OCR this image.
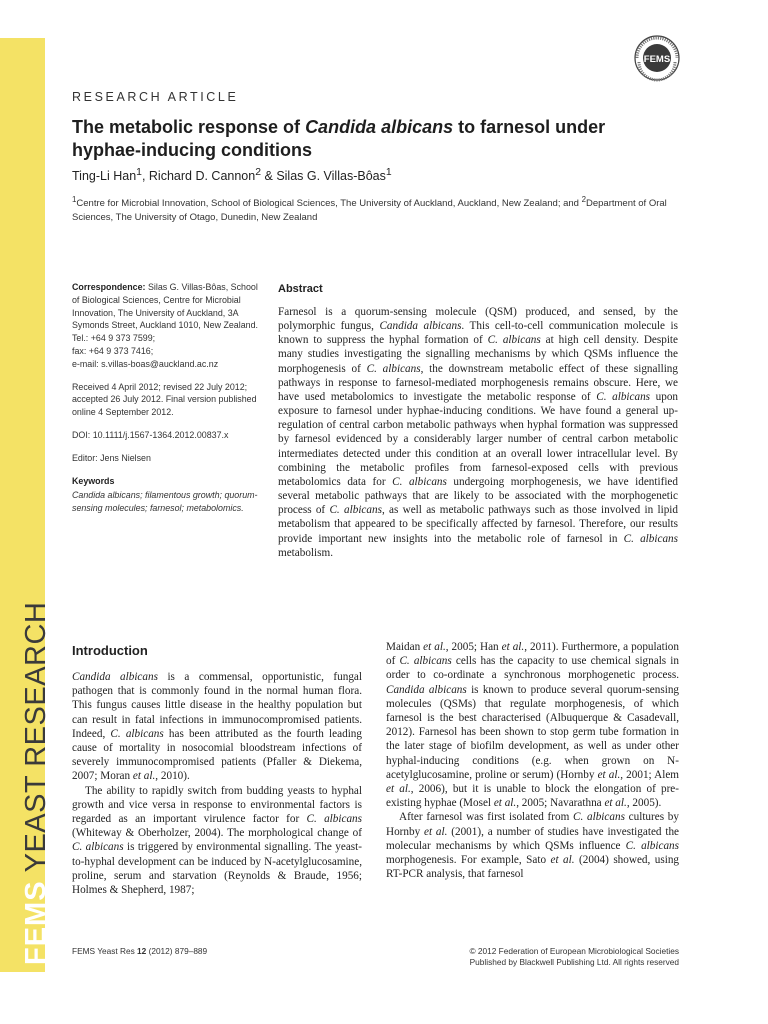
FEMS YEAST RESEARCH
FEMS
RESEARCH ARTICLE
The metabolic response of Candida albicans to farnesol under hyphae-inducing conditions
Ting-Li Han$^1$, Richard D. Cannon$^2$ & Silas G. Villas-Bôas$^1$
$^1$Centre for Microbial Innovation, School of Biological Sciences, The University of Auckland, Auckland, New Zealand; and $^2$Department of Oral Sciences, The University of Otago, Dunedin, New Zealand

Correspondence: Silas G. Villas-Bôas, School of Biological Sciences, Centre for Microbial Innovation, The University of Auckland, 3A Symonds Street, Auckland 1010, New Zealand. Tel.: +64 9 373 7599;
fax: +64 9 373 7416;
e-mail: s.villas-boas@auckland.ac.nz

Received 4 April 2012; revised 22 July 2012; accepted 26 July 2012. Final version published online 4 September 2012.

DOI: 10.1111/j.1567-1364.2012.00837.x

Editor: Jens Nielsen

Keywords

Candida albicans; filamentous growth; quorum-sensing molecules; farnesol; metabolomics.

Abstract

Farnesol is a quorum-sensing molecule (QSM) produced, and sensed, by the polymorphic fungus, Candida albicans. This cell-to-cell communication molecule is known to suppress the hyphal formation of C. albicans at high cell density. Despite many studies investigating the signalling mechanisms by which QSMs influence the morphogenesis of C. albicans, the downstream metabolic effect of these signalling pathways in response to farnesol-mediated morphogenesis remains obscure. Here, we have used metabolomics to investigate the metabolic response of C. albicans upon exposure to farnesol under hyphae-inducing conditions. We have found a general up-regulation of central carbon metabolic pathways when hyphal formation was suppressed by farnesol evidenced by a considerably larger number of central carbon metabolic intermediates detected under this condition at an overall lower intracellular level. By combining the metabolic profiles from farnesol-exposed cells with previous metabolomics data for C. albicans undergoing morphogenesis, we have identified several metabolic pathways that are likely to be associated with the morphogenetic process of C. albicans, as well as metabolic pathways such as those involved in lipid metabolism that appeared to be specifically affected by farnesol. Therefore, our results provide important new insights into the metabolic role of farnesol in C. albicans metabolism.

Introduction

Candida albicans is a commensal, opportunistic, fungal pathogen that is commonly found in the normal human flora. This fungus causes little disease in the healthy population but can result in fatal infections in immunocompromised patients. Indeed, C. albicans has been attributed as the fourth leading cause of mortality in nosocomial bloodstream infections of severely immunocompromised patients (Pfaller & Diekema, 2007; Moran et al., 2010).

The ability to rapidly switch from budding yeasts to hyphal growth and vice versa in response to environmental factors is regarded as an important virulence factor for C. albicans (Whiteway & Oberholzer, 2004). The morphological change of C. albicans is triggered by environmental signalling. The yeast-to-hyphal development can be induced by N-acetylglucosamine, proline, serum and starvation (Reynolds & Braude, 1956; Holmes & Shepherd, 1987;

Maidan et al., 2005; Han et al., 2011). Furthermore, a population of C. albicans cells has the capacity to use chemical signals in order to co-ordinate a synchronous morphogenetic process. Candida albicans is known to produce several quorum-sensing molecules (QSMs) that regulate morphogenesis, of which farnesol is the best characterised (Albuquerque & Casadevall, 2012). Farnesol has been shown to stop germ tube formation in the later stage of biofilm development, as well as under other hyphal-inducing conditions (e.g. when grown on N-acetylglucosamine, proline or serum) (Hornby et al., 2001; Alem et al., 2006), but it is unable to block the elongation of pre-existing hyphae (Mosel et al., 2005; Navarathna et al., 2005).

After farnesol was first isolated from C. albicans cultures by Hornby et al. (2001), a number of studies have investigated the molecular mechanisms by which QSMs influence C. albicans morphogenesis. For example, Sato et al. (2004) showed, using RT-PCR analysis, that farnesol

FEMS Yeast Res 12 (2012) 879–889	© 2012 Federation of European Microbiological Societies
Published by Blackwell Publishing Ltd. All rights reserved
